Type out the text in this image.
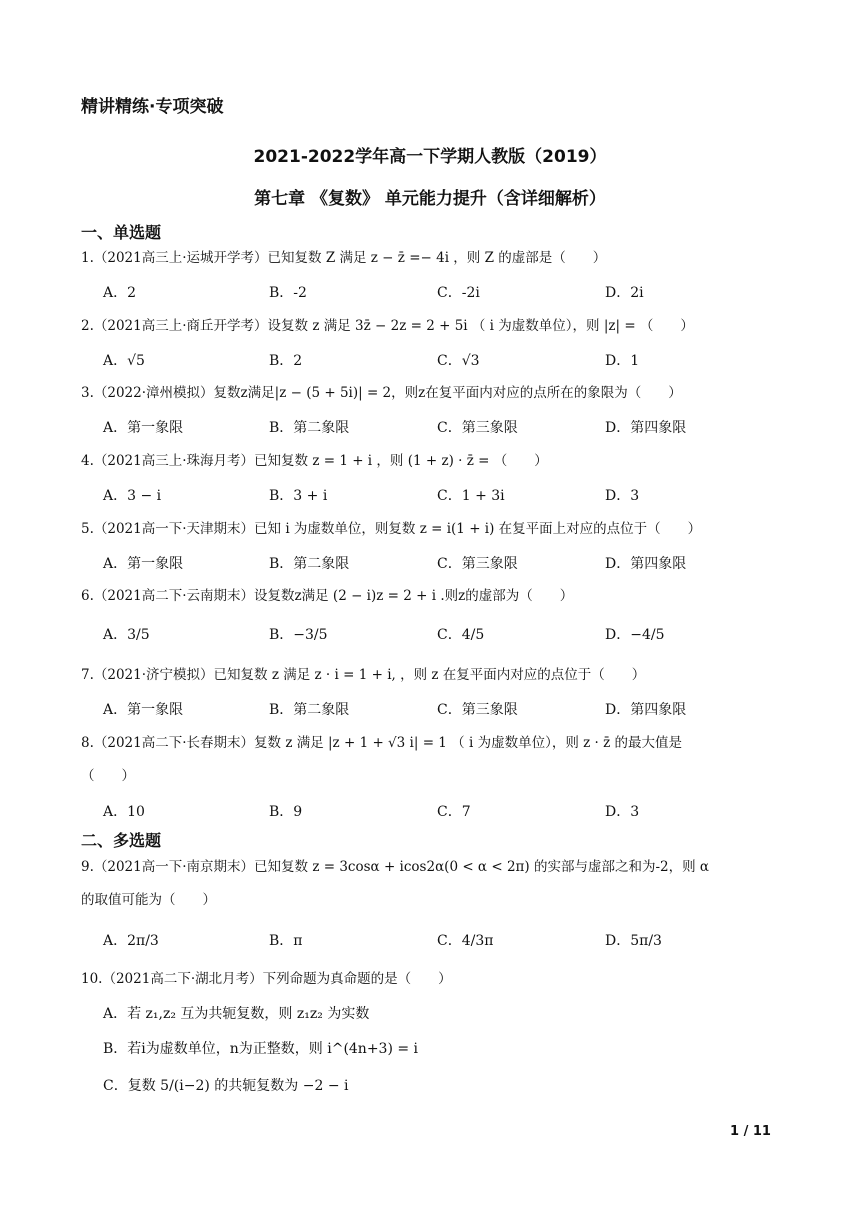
精讲精练·专项突破
2021-2022学年高一下学期人教版（2019）
第七章 《复数》 单元能力提升（含详细解析）
一、单选题
1.（2021高三上·运城开学考）已知复数 Z 满足 z − z̄ =− 4i ，则 Z 的虚部是（　　）
A．2	B．-2	C．-2i	D．2i
2.（2021高三上·商丘开学考）设复数 z 满足 3z̄ − 2z = 2 + 5i （ i 为虚数单位），则 |z| = （　　）
A．√5	B．2	C．√3	D．1
3.（2022·漳州模拟）复数z满足|z − (5 + 5i)| = 2，则z在复平面内对应的点所在的象限为（　　）
A．第一象限	B．第二象限	C．第三象限	D．第四象限
4.（2021高三上·珠海月考）已知复数 z = 1 + i ，则 (1 + z) · z̄ = （　　）
A．3 − i	B．3 + i	C．1 + 3i	D．3
5.（2021高一下·天津期末）已知 i 为虚数单位，则复数 z = i(1 + i) 在复平面上对应的点位于（　　）
A．第一象限	B．第二象限	C．第三象限	D．第四象限
6.（2021高二下·云南期末）设复数z满足 (2 − i)z = 2 + i .则z的虚部为（　　）
A．3/5	B．−3/5	C．4/5	D．−4/5
7.（2021·济宁模拟）已知复数 z 满足 z · i = 1 + i, ，则 z 在复平面内对应的点位于（　　）
A．第一象限	B．第二象限	C．第三象限	D．第四象限
8.（2021高二下·长春期末）复数 z 满足 |z + 1 + √3 i| = 1 （ i 为虚数单位），则 z · z̄ 的最大值是
（　　）
A．10	B．9	C．7	D．3
二、多选题
9.（2021高一下·南京期末）已知复数 z = 3cosα + icos2α(0 < α < 2π) 的实部与虚部之和为-2，则 α
的取值可能为（　　）
A．2π/3	B．π	C．4/3π	D．5π/3
10.（2021高二下·湖北月考）下列命题为真命题的是（　　）
A．若 z₁,z₂ 互为共轭复数，则 z₁z₂ 为实数
B．若i为虚数单位，n为正整数，则 i^(4n+3) = i
C．复数 5/(i−2) 的共轭复数为 −2 − i
1 / 11
